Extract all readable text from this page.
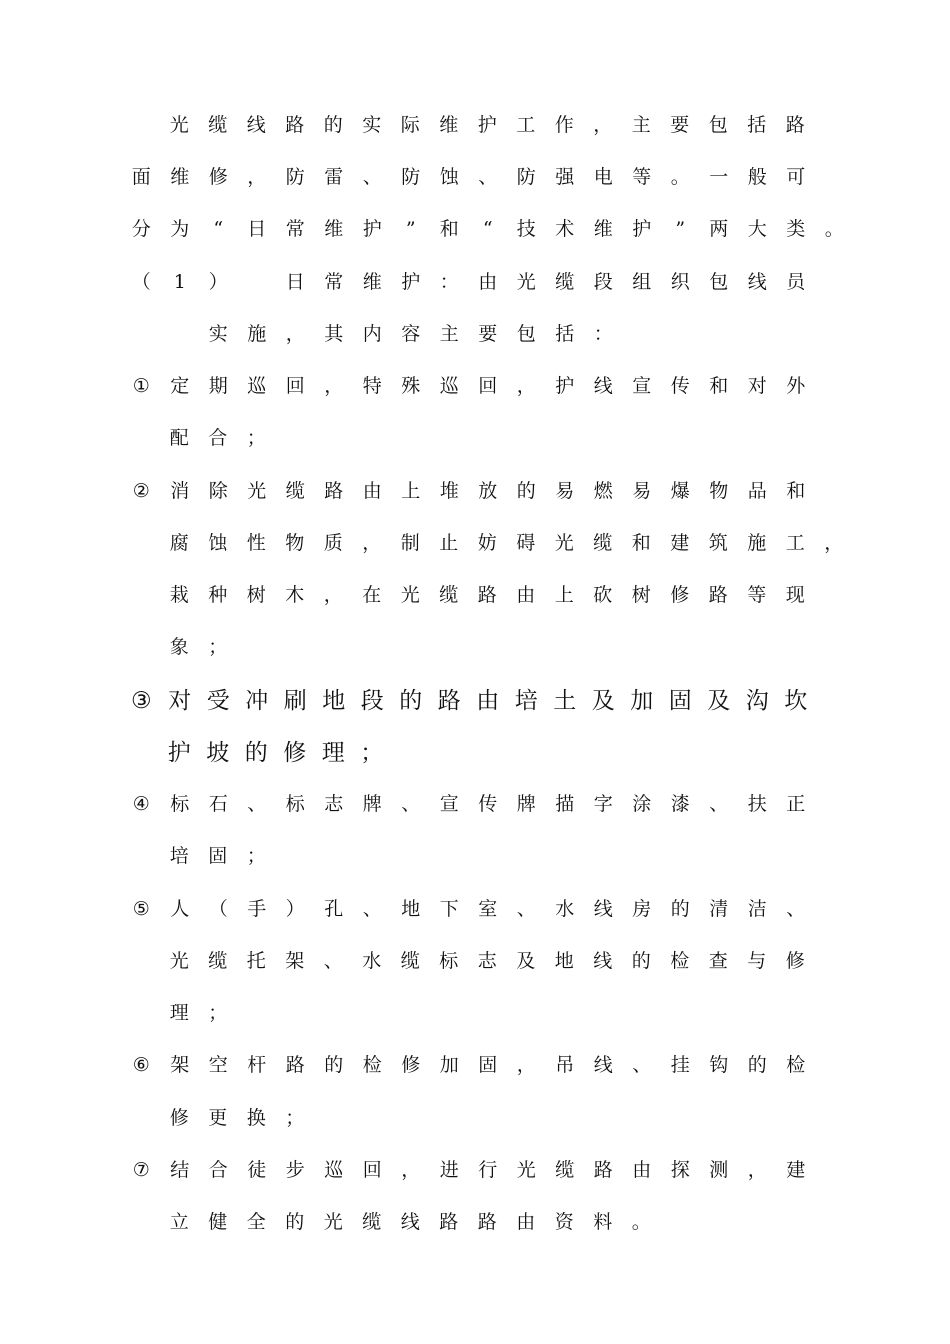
光 缆 线 路 的 实 际 维 护 工 作 ， 主 要 包 括 路
面 维 修 ， 防 雷 、 防 蚀 、 防 强 电 等 。 一 般 可
分 为 “ 日 常 维 护 ” 和 “ 技 术 维 护 ” 两 大 类 。
（ 1 ）　	日 常 维 护 ： 由 光 缆 段 组 织 包 线 员
实 施 ， 其 内 容 主 要 包 括 ：
① 定 期 巡 回 ， 特 殊 巡 回 ， 护 线 宣 传 和 对 外
配 合 ；
② 消 除 光 缆 路 由 上 堆 放 的 易 燃 易 爆 物 品 和
腐 蚀 性 物 质 ， 制 止 妨 碍 光 缆 和 建 筑 施 工 ，
栽 种 树 木 ， 在 光 缆 路 由 上 砍 树 修 路 等 现
象 ；
③ 对 受 冲 刷 地 段 的 路 由 培 土 及 加 固 及 沟 坎
护 坡 的 修 理 ；
④ 标 石 、 标 志 牌 、 宣 传 牌 描 字 涂 漆 、 扶 正
培 固 ；
⑤ 人 （ 手 ） 孔 、 地 下 室 、 水 线 房 的 清 洁 、
光 缆 托 架 、 水 缆 标 志 及 地 线 的 检 查 与 修
理 ；
⑥ 架 空 杆 路 的 检 修 加 固 ， 吊 线 、 挂 钩 的 检
修 更 换 ；
⑦ 结 合 徒 步 巡 回 ， 进 行 光 缆 路 由 探 测 ， 建
立 健 全 的 光 缆 线 路 路 由 资 料 。
